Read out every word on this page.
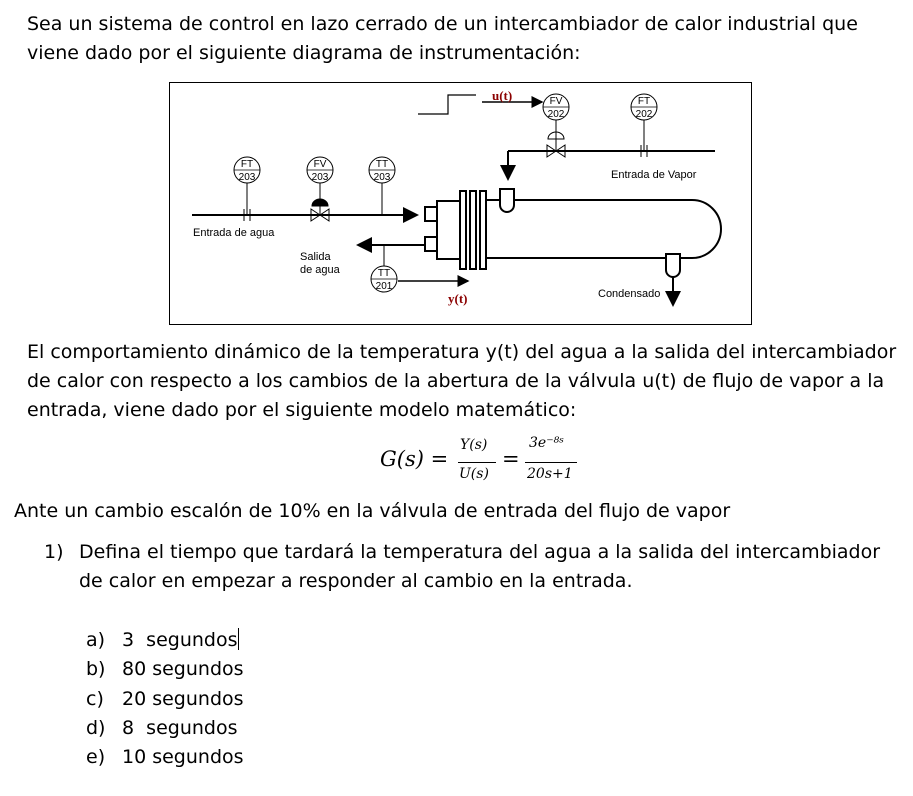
Sea un sistema de control en lazo cerrado de un intercambiador de calor industrial que viene dado por el siguiente diagrama de instrumentación:

u(t)	FV
202
FT
202
Entrada de Vapor
FT
203
FV
203
TT
203
Entrada de agua
Salida
de agua
Condensado
TT
201
y(t)

El comportamiento dinámico de la temperatura y(t) del agua a la salida del intercambiador de calor con respecto a los cambios de la abertura de la válvula u(t) de flujo de vapor a la entrada, viene dado por el siguiente modelo matemático:

G(s) =
Y(s)
U(s)
=
3e⁻⁸ˢ
20s+1

Ante un cambio escalón de 10% en la válvula de entrada del flujo de vapor

1) Defina el tiempo que tardará la temperatura del agua a la salida del intercambiador de calor en empezar a responder al cambio en la entrada.
a) 3  segundos
b) 80 segundos
c) 20 segundos
d) 8  segundos
e) 10 segundos
